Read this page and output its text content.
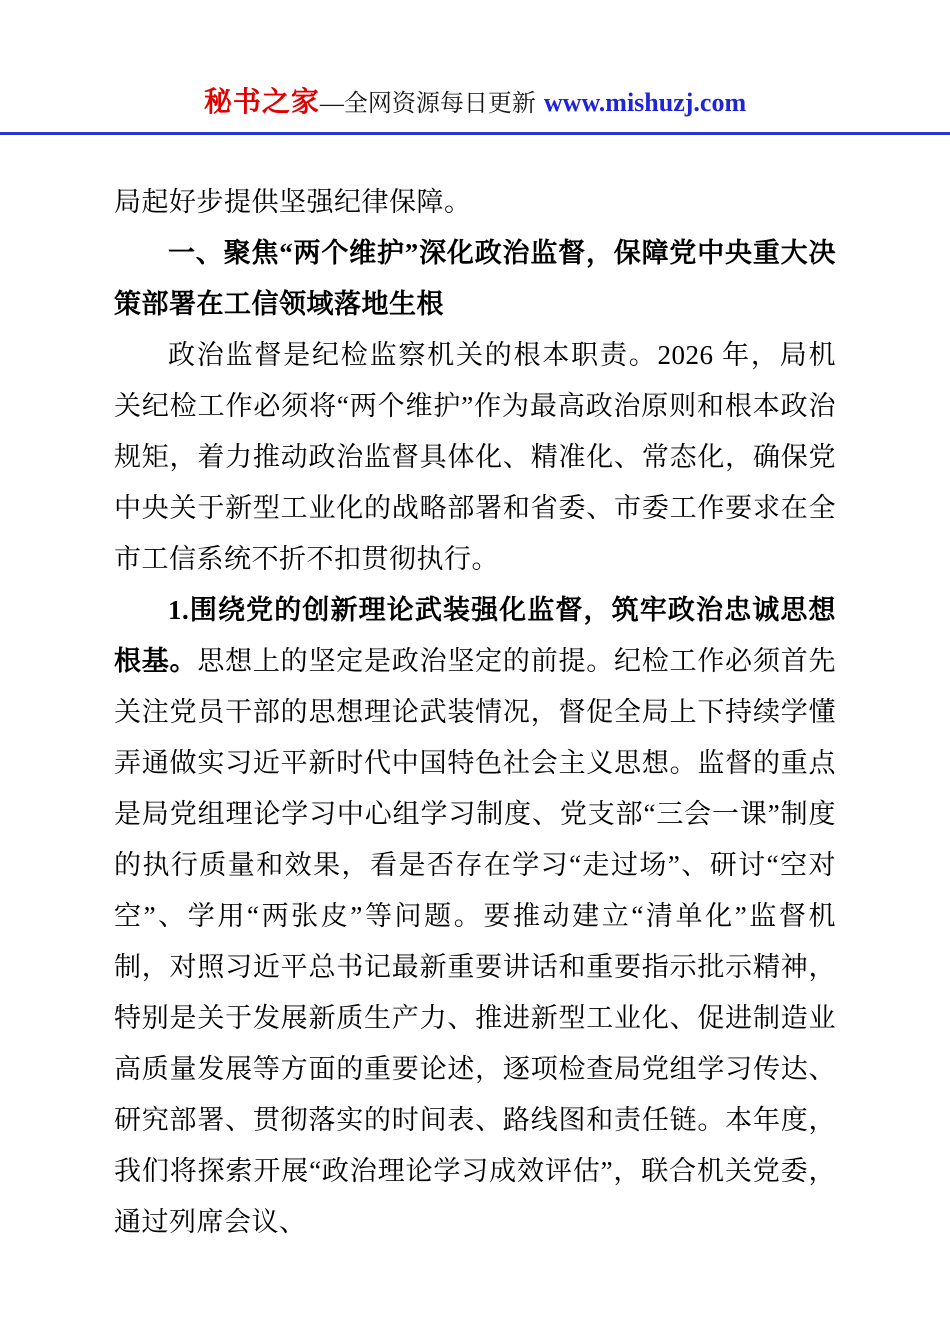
秘书之家—全网资源每日更新 www.mishuzj.com

局起好步提供坚强纪律保障。

一、聚焦“两个维护”深化政治监督，保障党中央重大决策部署在工信领域落地生根

政治监督是纪检监察机关的根本职责。2026 年，局机关纪检工作必须将“两个维护”作为最高政治原则和根本政治规矩，着力推动政治监督具体化、精准化、常态化，确保党中央关于新型工业化的战略部署和省委、市委工作要求在全市工信系统不折不扣贯彻执行。

1.围绕党的创新理论武装强化监督，筑牢政治忠诚思想根基。思想上的坚定是政治坚定的前提。纪检工作必须首先关注党员干部的思想理论武装情况，督促全局上下持续学懂弄通做实习近平新时代中国特色社会主义思想。监督的重点是局党组理论学习中心组学习制度、党支部“三会一课”制度的执行质量和效果，看是否存在学习“走过场”、研讨“空对空”、学用“两张皮”等问题。要推动建立“清单化”监督机制，对照习近平总书记最新重要讲话和重要指示批示精神，特别是关于发展新质生产力、推进新型工业化、促进制造业高质量发展等方面的重要论述，逐项检查局党组学习传达、研究部署、贯彻落实的时间表、路线图和责任链。本年度，我们将探索开展“政治理论学习成效评估”，联合机关党委，通过列席会议、
